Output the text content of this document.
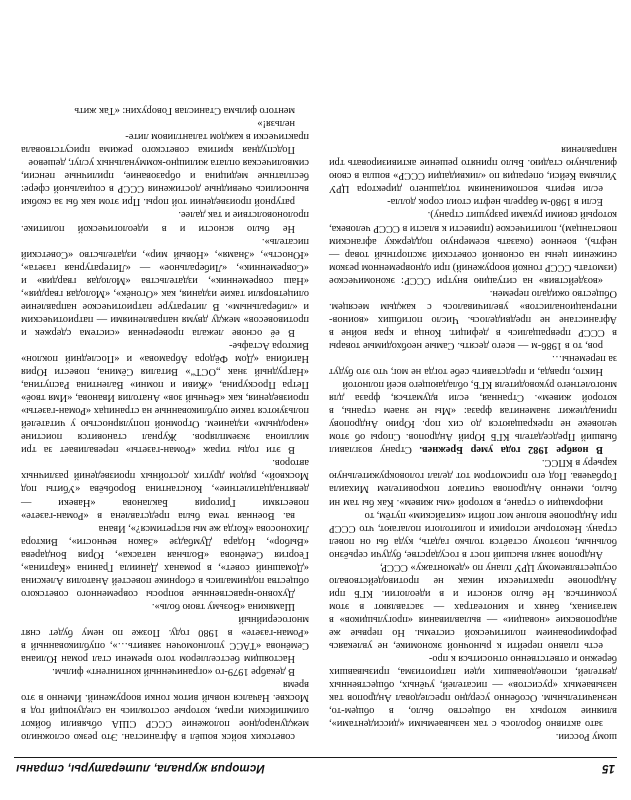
15
История журнала, литературы, страны

шому России.

зато активно боролось с так называемыми «диссидентами», влияние которых на общество было, в общем-то, незначительным. Особенно усердно преследовал Андропов так называемых «русистов» — писателей, учёных, общественных деятелей, исповедовавших идеи патриотизма, призывавших бережно и ответственно относиться к про-

есть плавно перейти к рыночной экономике, не увлекаясь реформированием политической системы. Но первые же андроповские «новации» — вылавливания «прогульщиков» в магазинах, банях и кинотеатрах — заставляют в этом усомниться. Не было ясности и в идеологии. КГБ при Андропове практически никак не противодействовало осуществляемому ЦРУ плану по «демонтажу» СССР,

Андропов занял высший пост в государстве, будучи серьёзно больным, поэтому остаётся только гадать, куда бы он повел страну. Некоторые историки и политологи полагают, что СССР при Андропове вполне мог пойти «китайским» путём, то

информации о стране, в которой «мы живем». Как бы там ни было, именно Андропова считают покровителем Михаила Горбачева. Под его присмотром тот делал головокружительную карьеру в КПСС.

В ноябре 1982 года умер Брежнев. Страну возглавил бывший Председатель КГБ Юрий Андропов. Споры об этом человеке не прекращаются до сих пор. Юрию Андропову принадлежит знаменитая фраза: «Мы не знаем страны, в которой живем». Странная, если вдуматься, фраза для многолетнего руководителя КГБ, обладающего всей полнотой

Никто, правда, и представить себе тогда не мог, что это будут за перемены…

ров, то в 1986-м — всего десять. Самые необходимые товары в СССР превращались в дефицит. Концa и края войне в Афганистане не предвиделось. Число погибших «воинов-интернационалистов» увеличивалось с каждым месяцем. Общество ожидало перемен.

«воздействия» на ситуацию внутри СССР: экономическое (измотать СССР гонкой вооружений) при одновременном резком снижении цены на основной советский экспортный товар — нефть), военное (оказать всемерную поддержку афганским повстанцам), политическое (привести к власти в СССР человека, который своими руками разрушит страну).

Если в 1980-м баррель нефти стоил сорок долла-

если верить воспоминаниям тогдашнего директора ЦРУ Уильяма Кейси, операция по «ликвидации СССР» вошла в свою финальную стадию. Было принято решение активизировать три направления

советских войск вошёл в Афганистан. Это резко осложнило международное положение СССР США объявили бойкот олимпийским играм, которые состоялись на следующий год в Москве. Начался новый виток гонки вооружений. Именно в это время

В декабре 1979-го «ограниченный контингент» фильм.

Настоящим бестселлером того времени стал роман Юлиана Семёнова «ТАСС уполномочен заявить…», опубликованный в «Роман-газете» в 1980 году. Позже по нему будет снят многосерийный

Шамякина «Возьму твою боль».

Духовно-нравственные вопросы современного советского общества поднимались в сборнике повестей Анатолия Алексина «Домашний совет», в романах Даниила Гранина «Картина», Георгия Семёнова «Вольная натаска», Юрия Бондарева «Выбор», Нодара Думбадзе «Закон вечности», Виктора Лихоносова «Когда же мы встретимся?», Ивана

ва. Военная тема была представлена в «Роман-газете» повестями Григория Бакланова «Навеки — девятнадцатилетние», Константина Воробьёва «Убиты под Москвой», рядом других достойных произведений различных авторов.

В эти годы тираж «Роман-газеты» переваливает за три миллиона экземпляров. Журнал становится поистине «народным» изданием. Огромной популярностью у читателей пользуются такие опубликованные на страницах «Роман-газеты» произведения, как «Вечный зов» Анатолия Иванова, «Имя твоё» Петра Проскурина, «Живи и помни» Валентина Распутина, «Нагрудный знак „ОСТ“» Виталия Сёмина, повести Юрия Нагибина «Дом Фёдора Абрамова» и «Последний поклон» Виктора Астафье-

В её основе лежала проверенная «система сдержек и противовесов» между двумя направлениями — патриотическим и «либеральным». В литературе патриотическое направление олицетворяли такие издания, как «Огонёк», «Молодая гвардия», «Наш современник», издательства «Молодая гвардия» и «Современник», «Либеральное» — «Литературная газета», «Юность», «Знамя», «Новый мир», издательство «Советский писатель».

Не было ясности и в идеологической политике. пролоноволствие и так далее.

ратурной произведении той поры. При этом как бы за скобки выносились очевидные достижения СССР в социальной сфере: бесплатные медицина и образование, приличные пенсии, символическая оплата жилищно-коммунальных услуг, дешевое

Подспудная критика советского режима присутствовала практически в каждом талантливом лите-

нельзя!»

ментого фильма Станислав Говорухин: «Так жить
